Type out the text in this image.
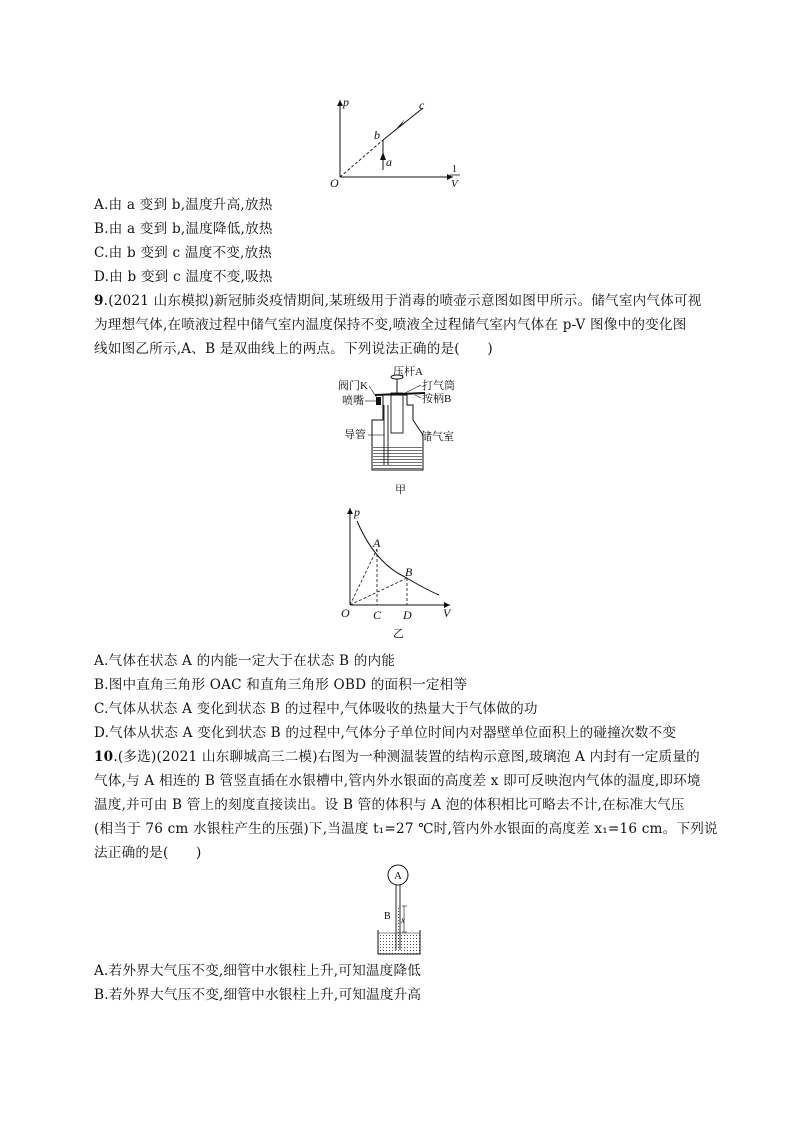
p
O
1
V
b
a
c
A.由 a 变到 b,温度升高,放热
B.由 a 变到 b,温度降低,放热
C.由 b 变到 c 温度不变,放热
D.由 b 变到 c 温度不变,吸热
9.(2021 山东模拟)新冠肺炎疫情期间,某班级用于消毒的喷壶示意图如图甲所示。储气室内气体可视
为理想气体,在喷液过程中储气室内温度保持不变,喷液全过程储气室内气体在 p-V 图像中的变化图
线如图乙所示,A、B 是双曲线上的两点。下列说法正确的是(　　)
阀门K
喷嘴
压杆A
打气筒
按柄B
导管	储气室
甲
p
V
O
A
B
C D
乙
A.气体在状态 A 的内能一定大于在状态 B 的内能
B.图中直角三角形 OAC 和直角三角形 OBD 的面积一定相等
C.气体从状态 A 变化到状态 B 的过程中,气体吸收的热量大于气体做的功
D.气体从状态 A 变化到状态 B 的过程中,气体分子单位时间内对器壁单位面积上的碰撞次数不变
10.(多选)(2021 山东聊城高三二模)右图为一种测温装置的结构示意图,玻璃泡 A 内封有一定质量的
气体,与 A 相连的 B 管竖直插在水银槽中,管内外水银面的高度差 x 即可反映泡内气体的温度,即环境
温度,并可由 B 管上的刻度直接读出。设 B 管的体积与 A 泡的体积相比可略去不计,在标准大气压
(相当于 76 cm 水银柱产生的压强)下,当温度 t₁=27 ℃时,管内外水银面的高度差 x₁=16 cm。下列说
法正确的是(　　)
A
B x
A.若外界大气压不变,细管中水银柱上升,可知温度降低
B.若外界大气压不变,细管中水银柱上升,可知温度升高
